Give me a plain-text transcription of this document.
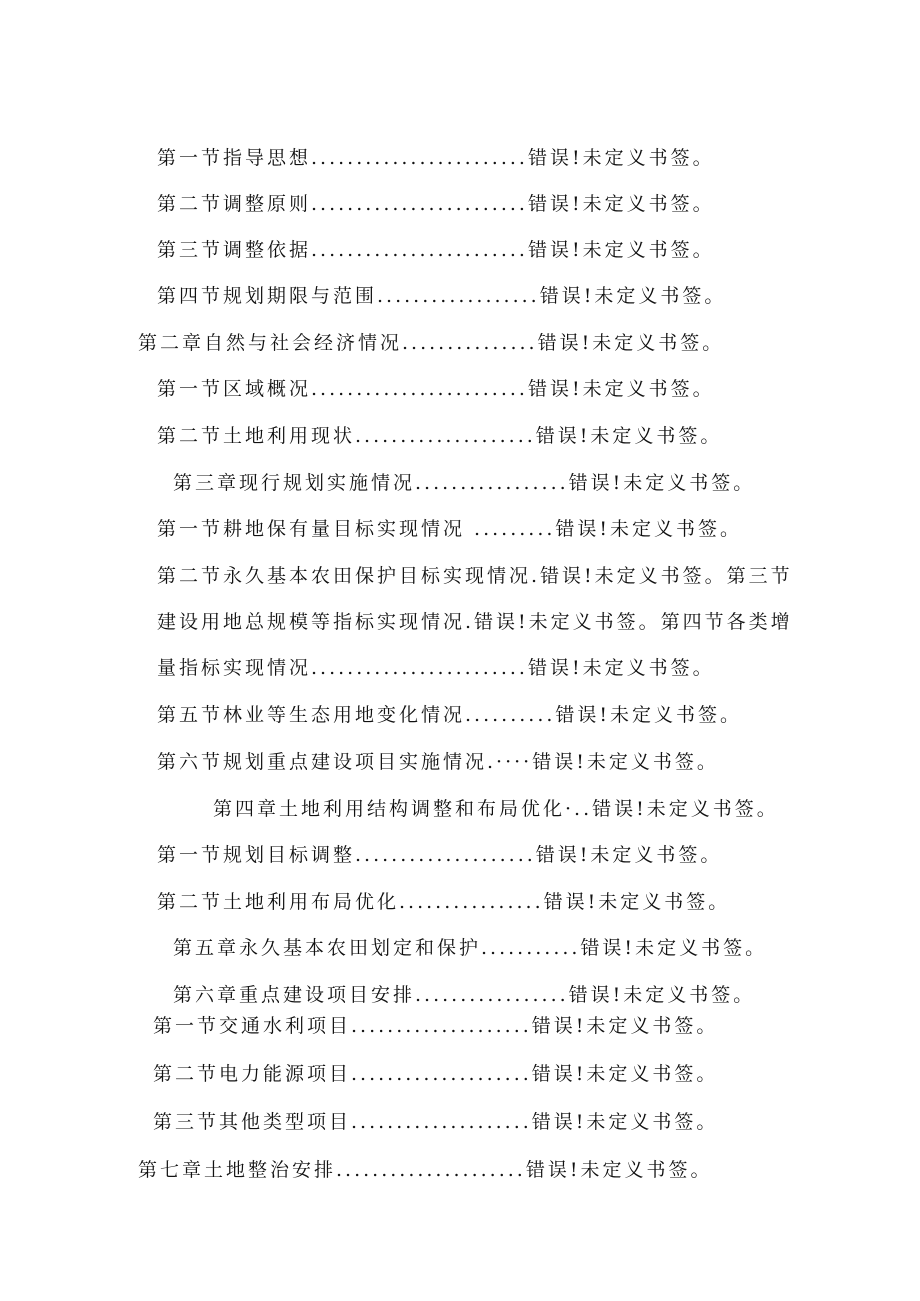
第一节指导思想........................错误!未定义书签。
第二节调整原则........................错误!未定义书签。
第三节调整依据........................错误!未定义书签。
第四节规划期限与范围..................错误!未定义书签。
第二章自然与社会经济情况...............错误!未定义书签。
第一节区域概况........................错误!未定义书签。
第二节土地利用现状....................错误!未定义书签。
第三章现行规划实施情况.................错误!未定义书签。
第一节耕地保有量目标实现情况 .........错误!未定义书签。
第二节永久基本农田保护目标实现情况.错误!未定义书签。第三节
建设用地总规模等指标实现情况.错误!未定义书签。第四节各类增
量指标实现情况........................错误!未定义书签。
第五节林业等生态用地变化情况..........错误!未定义书签。
第六节规划重点建设项目实施情况.····错误!未定义书签。
第四章土地利用结构调整和布局优化·..错误!未定义书签。
第一节规划目标调整....................错误!未定义书签。
第二节土地利用布局优化................错误!未定义书签。
第五章永久基本农田划定和保护...........错误!未定义书签。
第六章重点建设项目安排.................错误!未定义书签。
第一节交通水利项目....................错误!未定义书签。
第二节电力能源项目....................错误!未定义书签。
第三节其他类型项目....................错误!未定义书签。
第七章土地整治安排.....................错误!未定义书签。
